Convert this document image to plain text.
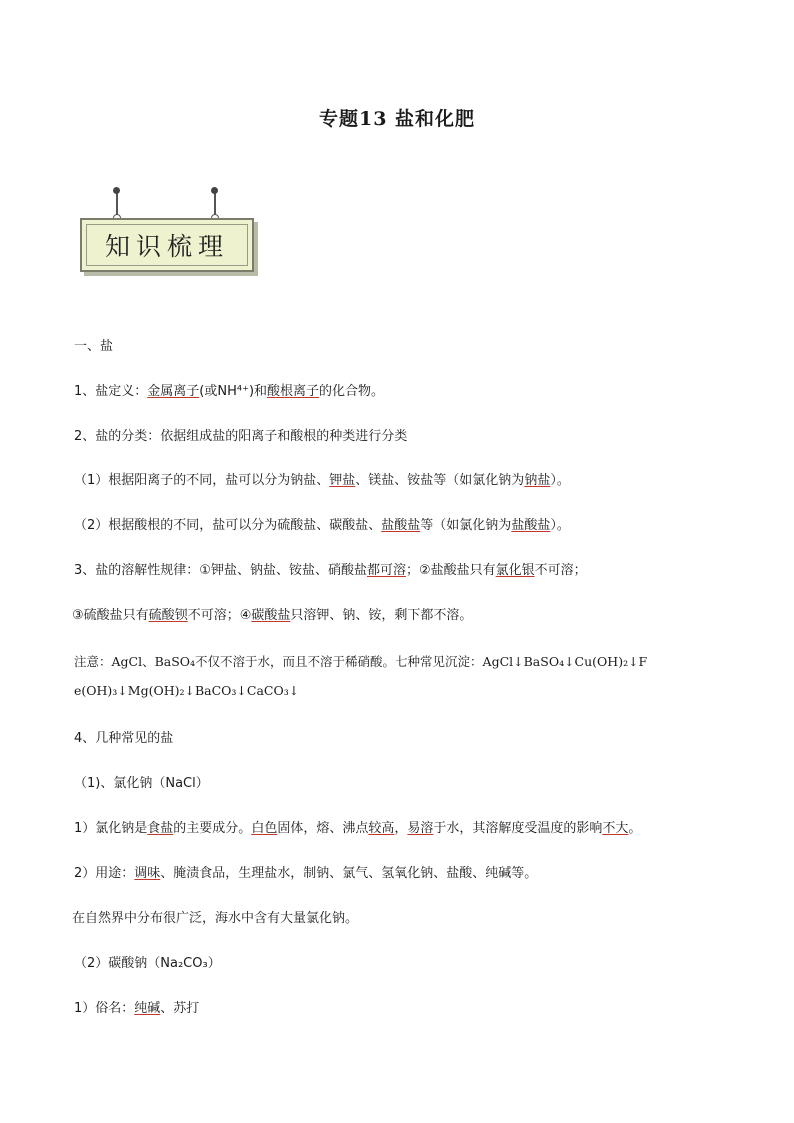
专题13 盐和化肥
知识梳理
一、盐
1、盐定义：金属离子(或NH⁴⁺)和酸根离子的化合物。
2、盐的分类：依据组成盐的阳离子和酸根的种类进行分类
（1）根据阳离子的不同，盐可以分为钠盐、钾盐、镁盐、铵盐等（如氯化钠为钠盐）。
（2）根据酸根的不同，盐可以分为硫酸盐、碳酸盐、盐酸盐等（如氯化钠为盐酸盐）。
3、盐的溶解性规律：①钾盐、钠盐、铵盐、硝酸盐都可溶；②盐酸盐只有氯化银不可溶；
③硫酸盐只有硫酸钡不可溶；④碳酸盐只溶钾、钠、铵，剩下都不溶。
注意：AgCl、BaSO₄不仅不溶于水，而且不溶于稀硝酸。七种常见沉淀：AgCl↓BaSO₄↓Cu(OH)₂↓F
e(OH)₃↓Mg(OH)₂↓BaCO₃↓CaCO₃↓
4、几种常见的盐
（1)、氯化钠（NaCl）
1）氯化钠是食盐的主要成分。白色固体，熔、沸点较高，易溶于水，其溶解度受温度的影响不大。
2）用途：调味、腌渍食品，生理盐水，制钠、氯气、氢氧化钠、盐酸、纯碱等。
在自然界中分布很广泛，海水中含有大量氯化钠。
（2）碳酸钠（Na₂CO₃）
1）俗名：纯碱、苏打
